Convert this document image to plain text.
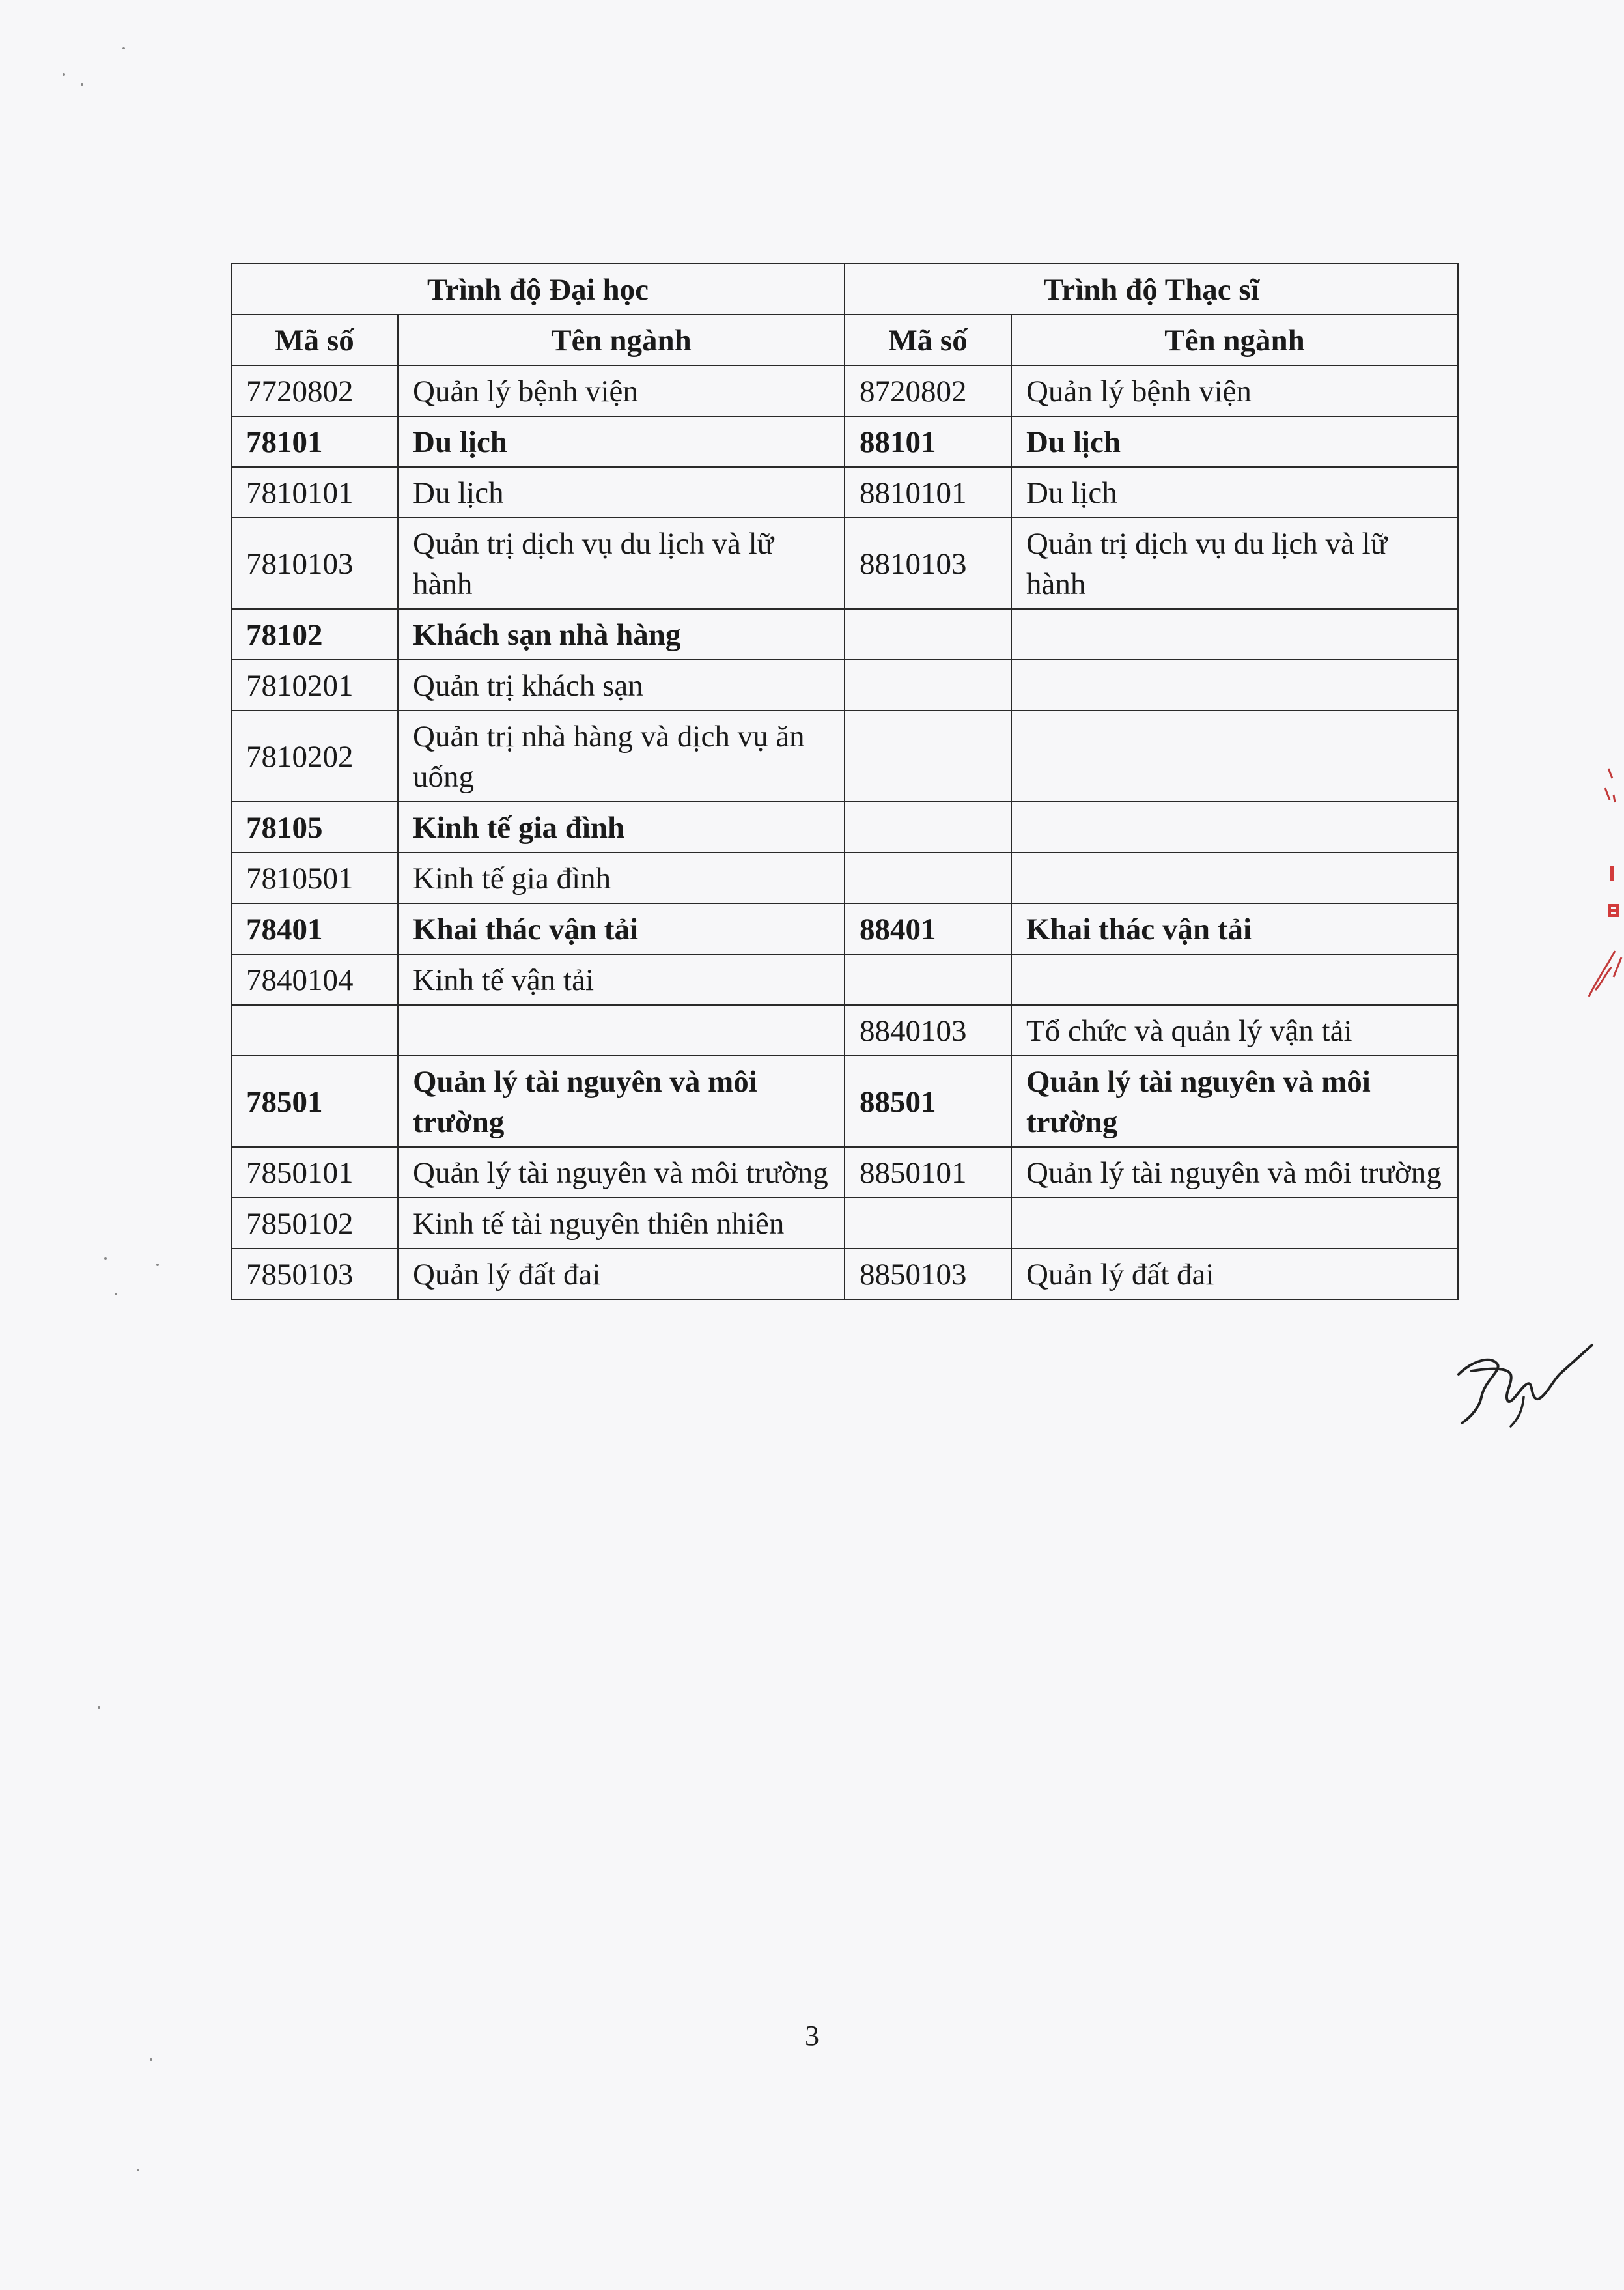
Trình độ Đại học		Trình độ Thạc sĩ	
Mã số	Tên ngành	Mã số	Tên ngành
7720802	Quản lý bệnh viện	8720802	Quản lý bệnh viện
78101	Du lịch	88101	Du lịch
7810101	Du lịch	8810101	Du lịch
7810103	Quản trị dịch vụ du lịch và lữ hành	8810103	Quản trị dịch vụ du lịch và lữ hành
78102	Khách sạn nhà hàng		
7810201	Quản trị khách sạn		
7810202	Quản trị nhà hàng và dịch vụ ăn uống		
78105	Kinh tế gia đình		
7810501	Kinh tế gia đình		
78401	Khai thác vận tải	88401	Khai thác vận tải
7840104	Kinh tế vận tải		
		8840103	Tổ chức và quản lý vận tải
78501	Quản lý tài nguyên và môi trường	88501	Quản lý tài nguyên và môi trường
7850101	Quản lý tài nguyên và môi trường	8850101	Quản lý tài nguyên và môi trường
7850102	Kinh tế tài nguyên thiên nhiên		
7850103	Quản lý đất đai	8850103	Quản lý đất đai
3
